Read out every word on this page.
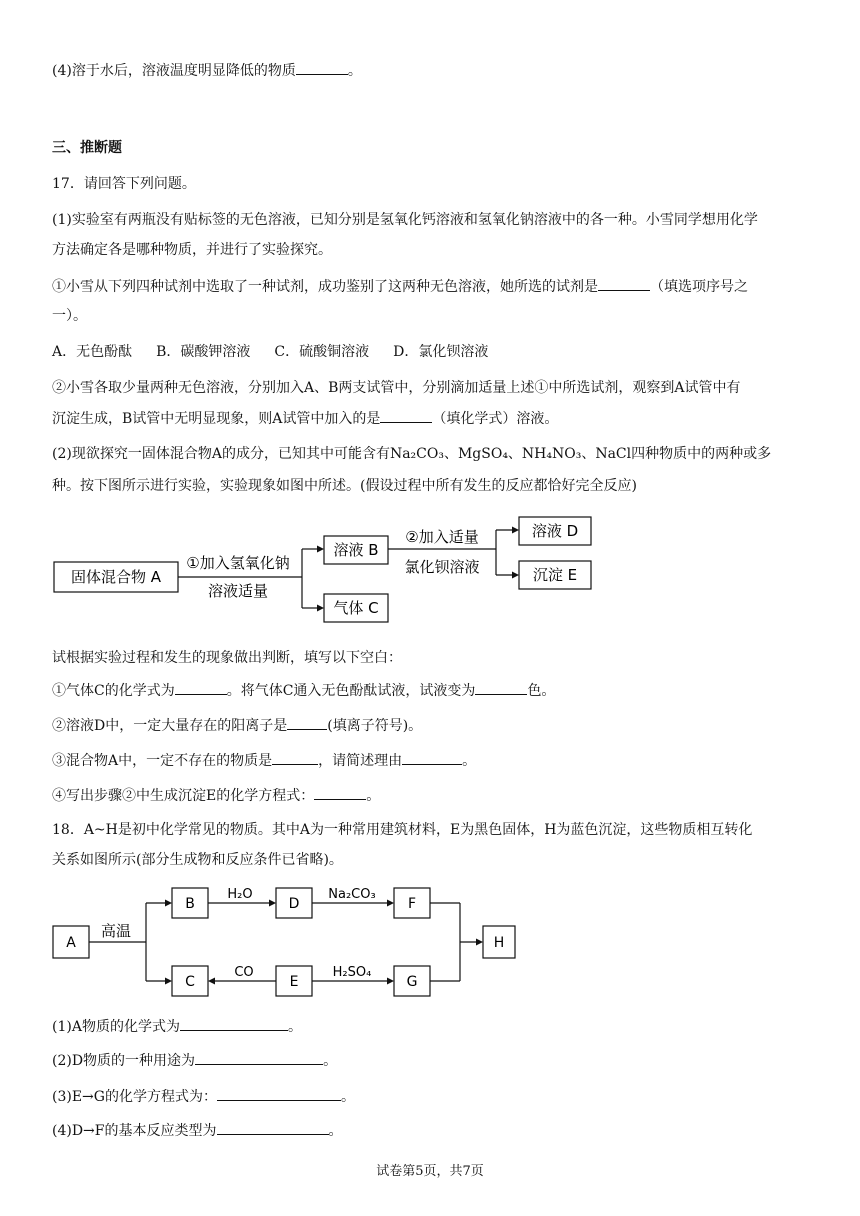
(4)溶于水后，溶液温度明显降低的物质	。
三、推断题
17．请回答下列问题。
(1)实验室有两瓶没有贴标签的无色溶液，已知分别是氢氧化钙溶液和氢氧化钠溶液中的各一种。小雪同学想用化学
方法确定各是哪种物质，并进行了实验探究。
①小雪从下列四种试剂中选取了一种试剂，成功鉴别了这两种无色溶液，她所选的试剂是	（填选项序号之
一）。
A．无色酚酞 B．碳酸钾溶液 C．硫酸铜溶液 D．氯化钡溶液
②小雪各取少量两种无色溶液，分别加入A、B两支试管中，分别滴加适量上述①中所选试剂，观察到A试管中有
沉淀生成，B试管中无明显现象，则A试管中加入的是	（填化学式）溶液。
(2)现欲探究一固体混合物A的成分，已知其中可能含有Na₂CO₃、MgSO₄、NH₄NO₃、NaCl四种物质中的两种或多
种。按下图所示进行实验，实验现象如图中所述。(假设过程中所有发生的反应都恰好完全反应)
固体混合物 A
①加入氢氧化钠
溶液适量
溶液 B
气体 C
②加入适量
氯化钡溶液
溶液 D
沉淀 E
试根据实验过程和发生的现象做出判断，填写以下空白：
①气体C的化学式为	。将气体C通入无色酚酞试液，试液变为	色。
②溶液D中，一定大量存在的阳离子是	(填离子符号)。
③混合物A中，一定不存在的物质是	，请简述理由	。
④写出步骤②中生成沉淀E的化学方程式：	。
18．A~H是初中化学常见的物质。其中A为一种常用建筑材料，E为黑色固体，H为蓝色沉淀，这些物质相互转化
关系如图所示(部分生成物和反应条件已省略)。
A
B	D	F
C	E	G
H
高温
H₂O	Na₂CO₃
CO	H₂SO₄
(1)A物质的化学式为	。
(2)D物质的一种用途为	。
(3)E→G的化学方程式为：	。
(4)D→F的基本反应类型为	。
试卷第5页，共7页
